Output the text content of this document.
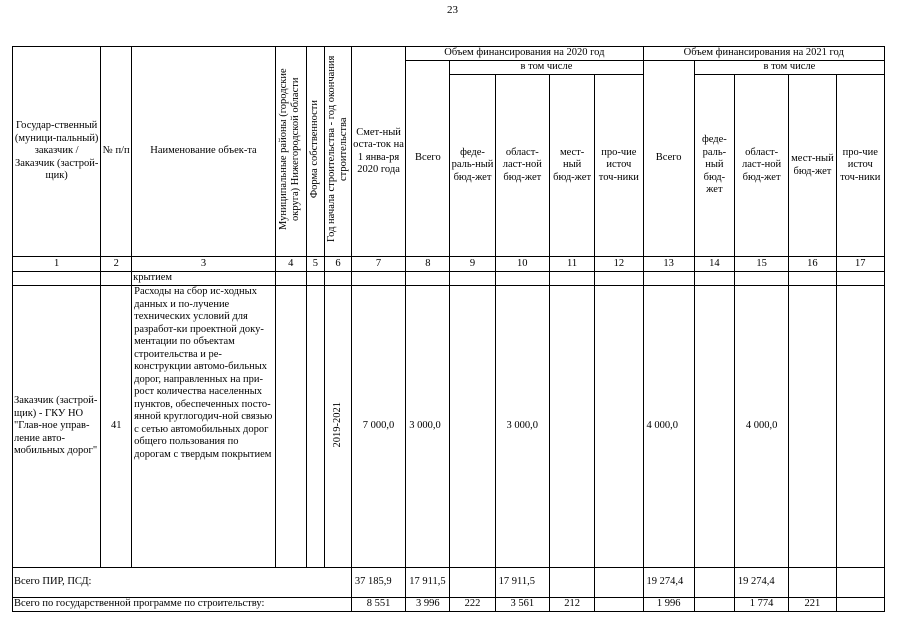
23
Государ-ственный (муници-пальный) заказчик / Заказчик (застрой-щик)	№ п/п	Наименование объек-та	Муниципальные районы (городские округа) Нижегородской области	Форма собственности	Год начала строительства - год окончания строительства	Смет-ный оста-ток на 1 янва-ря 2020 года	Объем финансирования на 2020 год					Объем финансирования на 2021 год				
							Всего	в том числе				Всего	в том числе			
								феде-раль-ный бюд-жет	област-ласт-ной бюд-жет	мест-ный бюд-жет	про-чие источ точ-ники		феде-раль-ный бюд-жет	област-ласт-ной бюд-жет	мест-ный бюд-жет	про-чие источ точ-ники
1	2	3	4	5	6	7	8	9	10	11	12	13	14	15	16	17
		крытием														
Заказчик (застрой-щик) - ГКУ НО "Глав-ное управ-ление авто-мобильных дорог"	41	Расходы на сбор ис-ходных данных и по-лучение технических условий для разработ-ки проектной доку-ментации по объектам строительства и ре-конструкции автомо-бильных дорог, направленных на при-рост количества населенных пунктов, обеспеченных посто-янной круглогодич-ной связью с сетью автомобильных дорог общего пользования по дорогам с твердым покрытием			2019-2021	7 000,0	3 000,0		3 000,0			4 000,0		4 000,0		
Всего ПИР, ПСД:						37 185,9	17 911,5		17 911,5			19 274,4		19 274,4		
Всего по государственной программе по строительству:						8 551	3 996	222	3 561	212		1 996		1 774	221	
